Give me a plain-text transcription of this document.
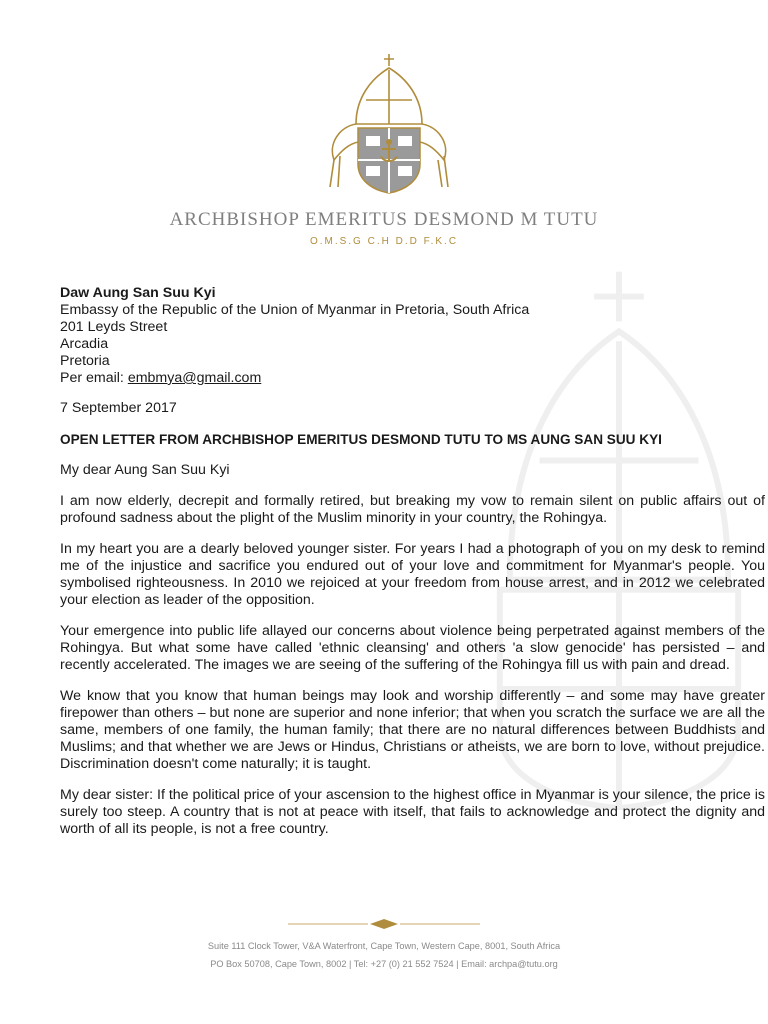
ARCHBISHOP EMERITUS DESMOND M TUTU
O.M.S.G C.H D.D F.K.C
Daw Aung San Suu Kyi
Embassy of the Republic of the Union of Myanmar in Pretoria, South Africa
201 Leyds Street
Arcadia
Pretoria
Per email: embmya@gmail.com
7 September 2017
OPEN LETTER FROM ARCHBISHOP EMERITUS DESMOND TUTU TO MS AUNG SAN SUU KYI
My dear Aung San Suu Kyi

I am now elderly, decrepit and formally retired, but breaking my vow to remain silent on public affairs out of profound sadness about the plight of the Muslim minority in your country, the Rohingya.

In my heart you are a dearly beloved younger sister. For years I had a photograph of you on my desk to remind me of the injustice and sacrifice you endured out of your love and commitment for Myanmar's people. You symbolised righteousness. In 2010 we rejoiced at your freedom from house arrest, and in 2012 we celebrated your election as leader of the opposition.

Your emergence into public life allayed our concerns about violence being perpetrated against members of the Rohingya. But what some have called 'ethnic cleansing' and others 'a slow genocide' has persisted – and recently accelerated. The images we are seeing of the suffering of the Rohingya fill us with pain and dread.

We know that you know that human beings may look and worship differently – and some may have greater firepower than others – but none are superior and none inferior; that when you scratch the surface we are all the same, members of one family, the human family; that there are no natural differences between Buddhists and Muslims; and that whether we are Jews or Hindus, Christians or atheists, we are born to love, without prejudice. Discrimination doesn't come naturally; it is taught.

My dear sister: If the political price of your ascension to the highest office in Myanmar is your silence, the price is surely too steep. A country that is not at peace with itself, that fails to acknowledge and protect the dignity and worth of all its people, is not a free country.

Suite 111 Clock Tower, V&A Waterfront, Cape Town, Western Cape, 8001, South Africa
PO Box 50708, Cape Town, 8002 | Tel: +27 (0) 21 552 7524 | Email: archpa@tutu.org
